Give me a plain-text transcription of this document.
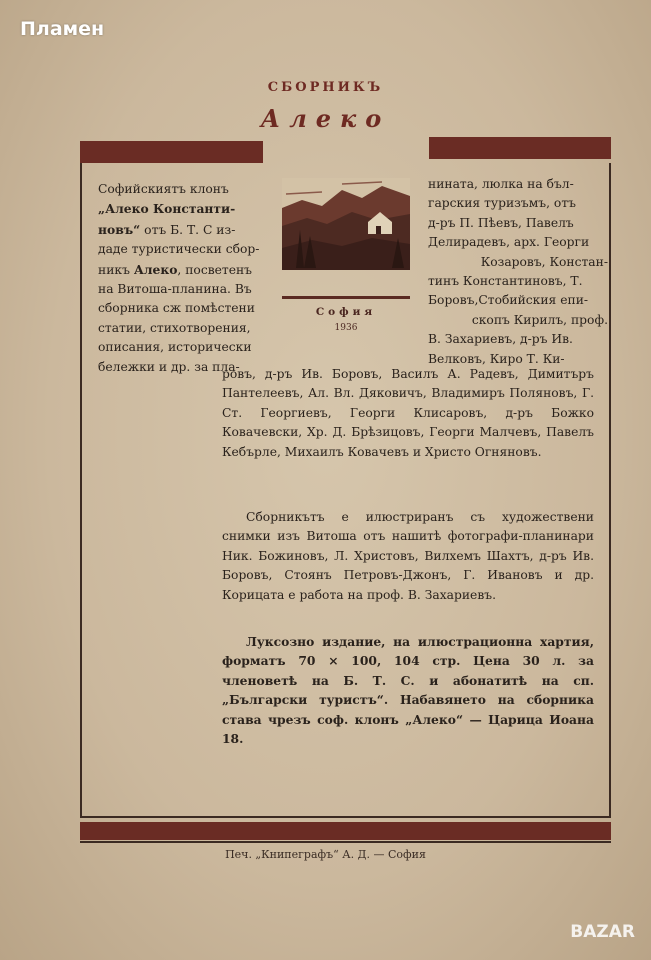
Пламен
СБОРНИКЪ
Алеко

Софийскиятъ клонъ

„Алеко Константи-

новъ“ отъ Б. Т. С из-

даде туристически сбор-

никъ Алеко, посветенъ

на Витоша-планина. Въ

сборника сж помѣстени

статии, стихотворения,

описания, исторически

бележки и др. за пла-

София
1936

нината, люлка на бъл-

гарския туризъмъ, отъ

д-ръ П. Пѣевъ, Павелъ

Делирадевъ, арх. Георги

Козаровъ, Констан-

тинъ Константиновъ, Т.

Боровъ,Стобийския епи-

скопъ Кирилъ, проф.

В. Захариевъ, д-ръ Ив.

Велковъ, Киро Т. Ки-

ровъ, д-ръ Ив. Боровъ, Василъ А. Радевъ, Димитъръ Пантелеевъ, Ал. Вл. Дяковичъ, Владимиръ Поляновъ, Г. Ст. Георгиевъ, Георги Клисаровъ, д-ръ Божко Ковачевски, Хр. Д. Брѣзицовъ, Георги Малчевъ, Павелъ Кебърле, Михаилъ Ковачевъ и Христо Огняновъ.

Сборникътъ е илюстриранъ съ художествени снимки изъ Витоша отъ нашитѣ фотографи-планинари Ник. Божиновъ, Л. Христовъ, Вилхемъ Шахтъ, д-ръ Ив. Боровъ, Стоянъ Петровъ-Джонъ, Г. Ивановъ и др. Корицата е работа на проф. В. Захариевъ.

Луксозно издание, на илюстрационна хартия, форматъ 70 × 100, 104 стр. Цена 30 л. за членоветѣ на Б. Т. С. и абонатитѣ на сп. „Български туристъ“. Набавянето на сборника става чрезъ соф. клонъ „Алеко“ — Царица Иоана 18.

Печ. „Книпеграфъ“ А. Д. — София
BAZAR
